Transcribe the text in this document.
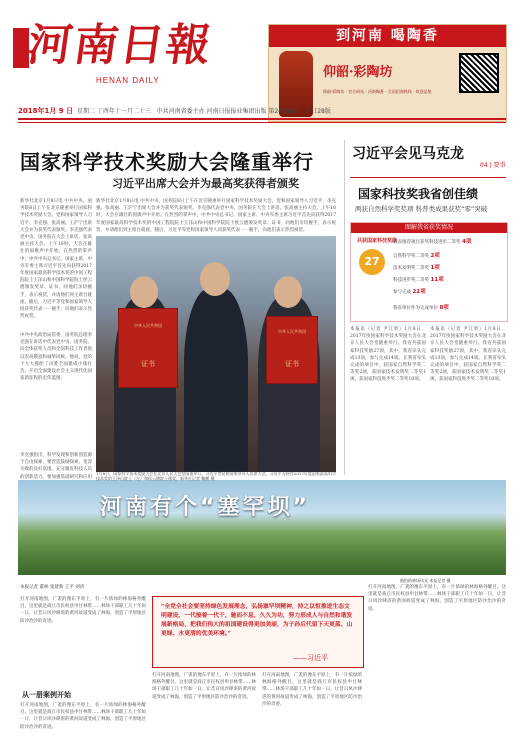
河南日報
HENAN DAILY
到河南 喝陶香
仰韶·彩陶坊
仰韶·彩陶坊 · 官方网站 · 河南陶香 · 全国招商热线 · 欢迎品鉴
2018年1月 9 日 星期二 丁酉年十一月二十三 中共河南省委主办 河南日报报业集团出版 第24298号 今日28版
国家科学技术奖励大会隆重举行
习近平出席大会并为最高奖获得者颁奖
新华社北京1月8日电 中共中央、国务院8日上午在北京隆重举行国家科学技术奖励大会。党和国家领导人习近平、李克强、张高丽、王沪宁出席大会并为获奖代表颁奖。李克强代表党中央、国务院在大会上讲话。张高丽主持大会。上午10时，大会在雄壮的国歌声中开始。在热烈的掌声中，中共中央总书记、国家主席、中央军委主席习近平首先向获得2017年度国家最高科学技术奖的中国工程院院士王泽山和中国科学院院士侯云德颁发奖章、证书，同他们亲切握手，表示祝贺，并请他们到主席台就座。随后，习近平等党和国家领导人同获奖代表一一握手，向他们表示热烈祝贺。
中共中央政治局常委、国务院总理李克强在讲话中代表党中央、国务院，向全体获奖人员和全国科技工作者致以崇高敬意和诚挚问候。他说，党的十九大描绘了决胜全面建成小康社会、开启全面建设社会主义现代化国家新征程的宏伟蓝图。
新华社北京1月8日电 中共中央、国务院8日上午在北京隆重举行国家科学技术奖励大会。党和国家领导人习近平、李克强、张高丽、王沪宁出席大会并为获奖代表颁奖。李克强代表党中央、国务院在大会上讲话。张高丽主持大会。上午10时，大会在雄壮的国歌声中开始。在热烈的掌声中，中共中央总书记、国家主席、中央军委主席习近平首先向获得2017年度国家最高科学技术奖的中国工程院院士王泽山和中国科学院院士侯云德颁发奖章、证书，同他们亲切握手，表示祝贺，并请他们到主席台就座。随后，习近平等党和国家领导人同获奖代表一一握手，向他们表示热烈祝贺。
中华人民共和国
证书
中华人民共和国
证书
李克强指出，科学发现和创新创造源于自由探索，要营造鼓励探索、宽容失败的良好氛围，充分激发科技人员的创新活力。要加强基础研究和应用
习近平会见马克龙
04 | 要事
国家科技奖我省创佳绩
两获自然科学奖奖项 科普类成果获奖“零”突破
图解我省获奖情况
共获国家科技奖励
27
我省推荐项目获奖科技进步二等奖 4项
自然科学奖二等奖 2项
技术发明奖二等奖 1项
科技进步奖二等奖 11项
参与完成 22项
我省单位作为完成单位 8项
本报讯（记者 尹江勇）1月8日，2017年度国家科学技术奖励大会在北京人民大会堂隆重举行。我省共获国家科技奖励27项，其中，我省牵头完成13项，参与完成14项。在我省牵头完成的项目中，获国家自然科学奖二等奖2项，获国家技术发明奖二等奖1项，获国家科技进步奖二等奖10项。
本报讯（记者 尹江勇）1月8日，2017年度国家科学技术奖励大会在北京人民大会堂隆重举行。我省共获国家科技奖励27项，其中，我省牵头完成13项，参与完成14项。在我省牵头完成的项目中，获国家自然科学奖二等奖2项，获国家技术发明奖二等奖1项，获国家科技进步奖二等奖10项。
河南有个“塞罕坝”
航拍的林场风光 本报记者 摄
本报记者 董林 张建新 王平 刘涛
打开河南地图，广袤的豫东平原上，有一片浓绿的林海格外醒目。这里就是商丘市民权县申甘林带……林场干部职工几十年如一日，让昔日风沙肆虐的黄河故道变成了林海，创造了平原地区防沙治沙的奇迹。
“全党全社会要坚持绿色发展理念，弘扬塞罕坝精神，持之以恒推进生态文明建设，一代接着一代干，驰而不息，久久为功，努力形成人与自然和谐发展新格局，把我们伟大的祖国建设得更加美丽，为子孙后代留下天更蓝、山更绿、水更清的优美环境。”
——习近平
打开河南地图，广袤的豫东平原上，有一片浓绿的林海格外醒目。这里就是商丘市民权县申甘林带……林场干部职工几十年如一日，让昔日风沙肆虐的黄河故道变成了林海，创造了平原地区防沙治沙的奇迹。
打开河南地图，广袤的豫东平原上，有一片浓绿的林海格外醒目。这里就是商丘市民权县申甘林带……林场干部职工几十年如一日，让昔日风沙肆虐的黄河故道变成了林海，创造了平原地区防沙治沙的奇迹。
打开河南地图，广袤的豫东平原上，有一片浓绿的林海格外醒目。这里就是商丘市民权县申甘林带……林场干部职工几十年如一日，让昔日风沙肆虐的黄河故道变成了林海，创造了平原地区防沙治沙的奇迹。
从一册案例开始
打开河南地图，广袤的豫东平原上，有一片浓绿的林海格外醒目。这里就是商丘市民权县申甘林带……林场干部职工几十年如一日，让昔日风沙肆虐的黄河故道变成了林海，创造了平原地区防沙治沙的奇迹。
1月8日，国家科学技术奖励大会在北京人民大会堂隆重举行。习近平等党和国家领导人出席大会。习近平为获得2017年度国家最高科学技术奖的王泽山院士（左）和侯云德院士颁奖。新华社记者 鞠鹏 摄
